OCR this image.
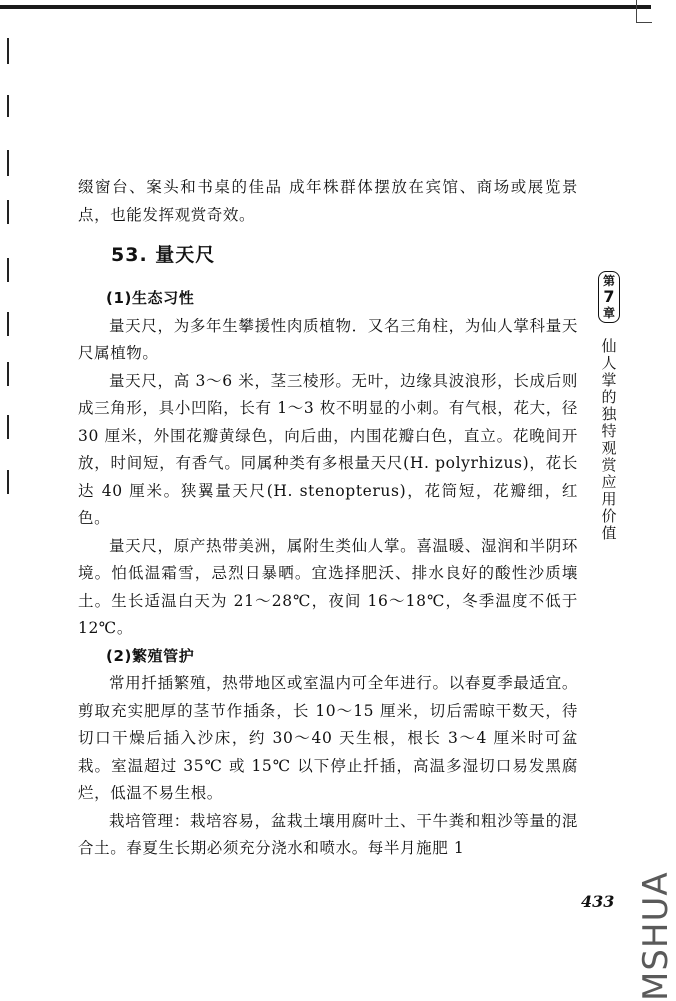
缀窗台、案头和书桌的佳品 成年株群体摆放在宾馆、商场或展览景点，也能发挥观赏奇效。

53. 量天尺

(1)生态习性

量天尺，为多年生攀援性肉质植物．又名三角柱，为仙人掌科量天尺属植物。

量天尺，高 3～6 米，茎三棱形。无叶，边缘具波浪形，长成后则成三角形，具小凹陷，长有 1～3 枚不明显的小刺。有气根，花大，径 30 厘米，外围花瓣黄绿色，向后曲，内围花瓣白色，直立。花晚间开放，时间短，有香气。同属种类有多根量天尺(H. polyrhizus)，花长达 40 厘米。狭翼量天尺(H. stenopterus)，花筒短，花瓣细，红色。

量天尺，原产热带美洲，属附生类仙人掌。喜温暖、湿润和半阴环境。怕低温霜雪，忌烈日暴晒。宜选择肥沃、排水良好的酸性沙质壤土。生长适温白天为 21～28℃，夜间 16～18℃，冬季温度不低于 12℃。

(2)繁殖管护

常用扦插繁殖，热带地区或室温内可全年进行。以春夏季最适宜。剪取充实肥厚的茎节作插条，长 10～15 厘米，切后需晾干数天，待切口干燥后插入沙床，约 30～40 天生根，根长 3～4 厘米时可盆栽。室温超过 35℃ 或 15℃ 以下停止扦插，高温多湿切口易发黑腐烂，低温不易生根。

栽培管理：栽培容易，盆栽土壤用腐叶土、干牛粪和粗沙等量的混合土。春夏生长期必须充分浇水和喷水。每半月施肥 1

第
7
章
仙人掌的独特观赏应用价值
433 MSHUA
